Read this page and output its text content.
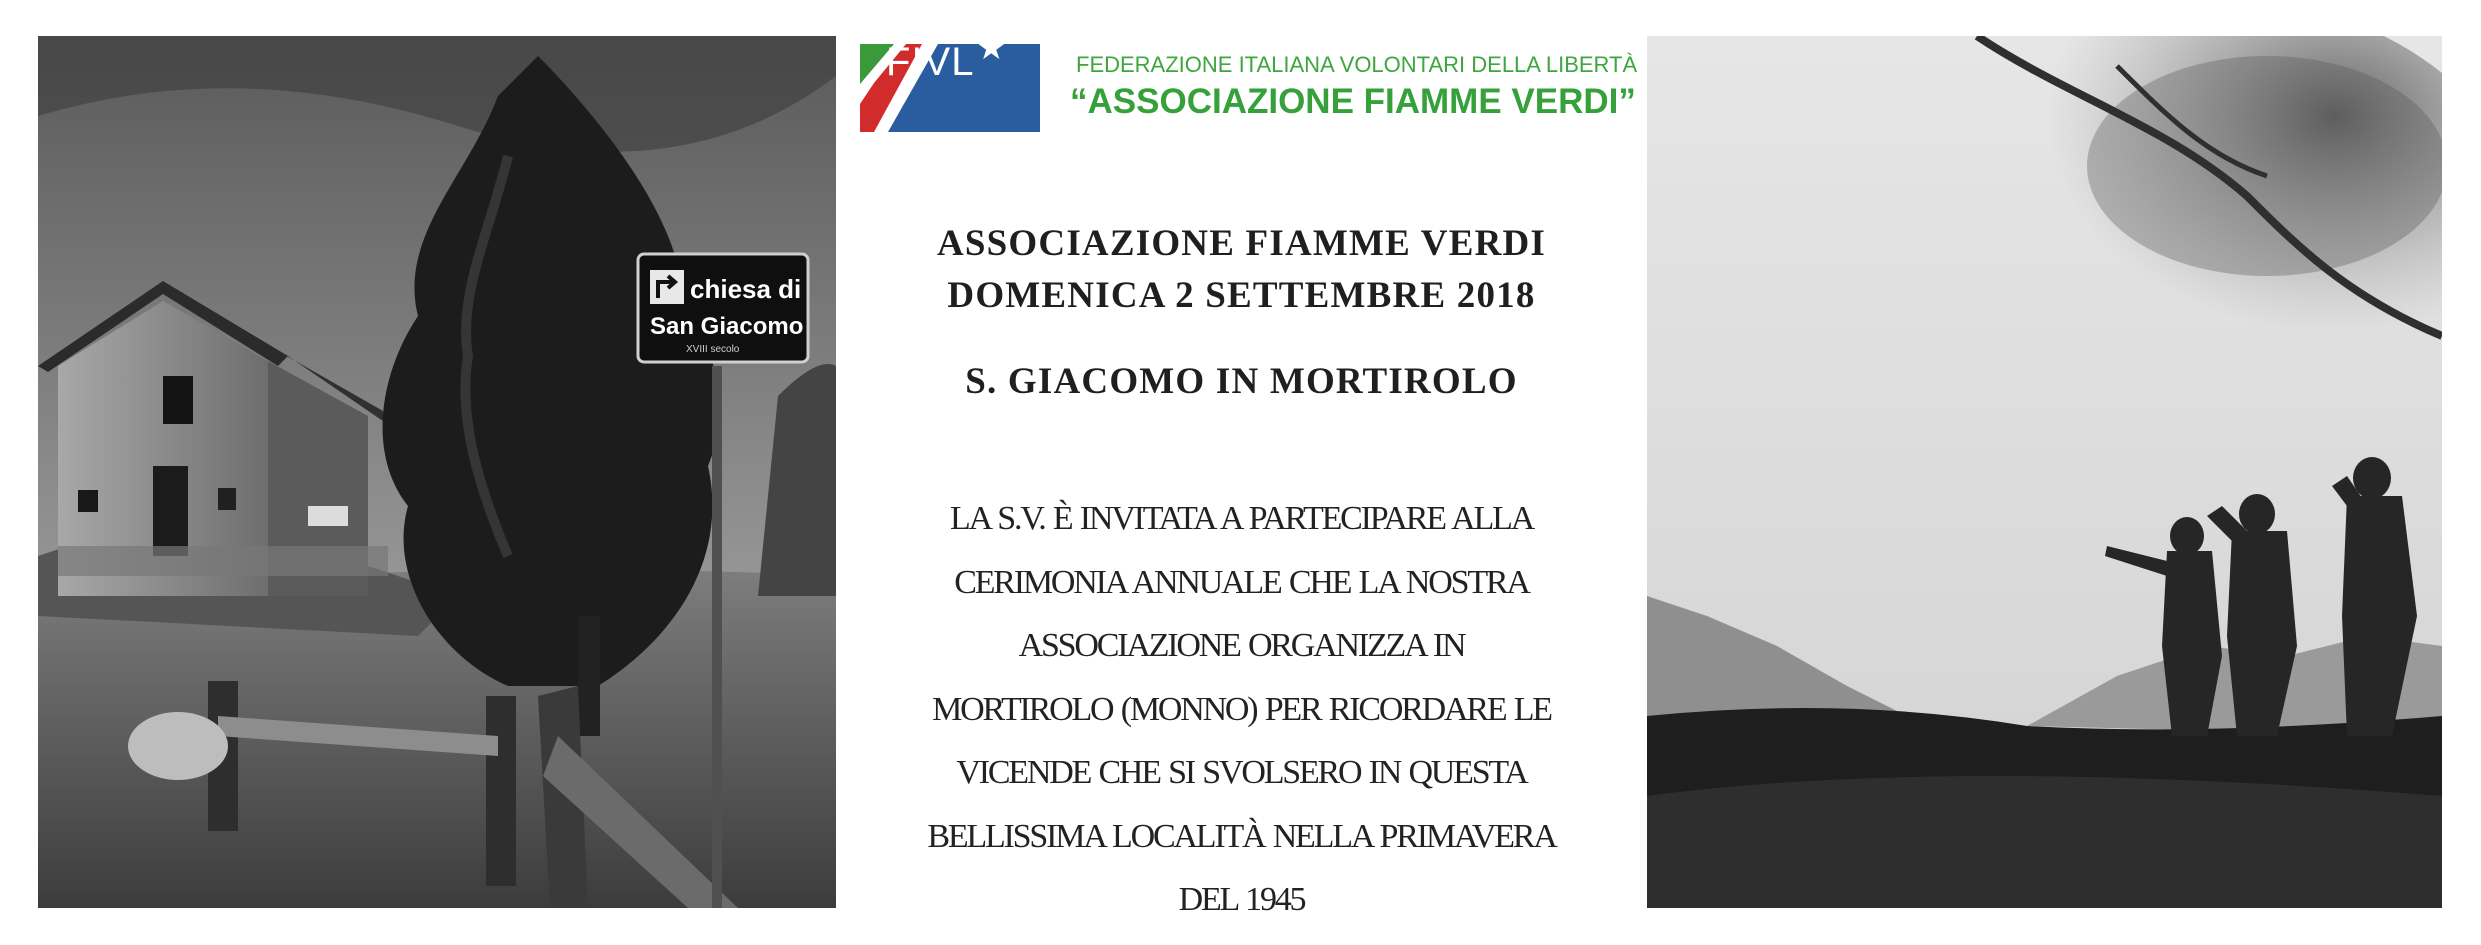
chiesa di
San Giacomo
XVIII secolo
FIVL ★	FEDERAZIONE ITALIANA VOLONTARI DELLA LIBERTÀ
“ASSOCIAZIONE FIAMME VERDI”
ASSOCIAZIONE FIAMME VERDI
DOMENICA 2 SETTEMBRE 2018
S. GIACOMO IN MORTIROLO
LA S.V. È INVITATA A PARTECIPARE ALLA
CERIMONIA ANNUALE CHE LA NOSTRA
ASSOCIAZIONE ORGANIZZA IN
MORTIROLO (MONNO) PER RICORDARE LE
VICENDE CHE SI SVOLSERO IN QUESTA
BELLISSIMA LOCALITÀ NELLA PRIMAVERA
DEL 1945
